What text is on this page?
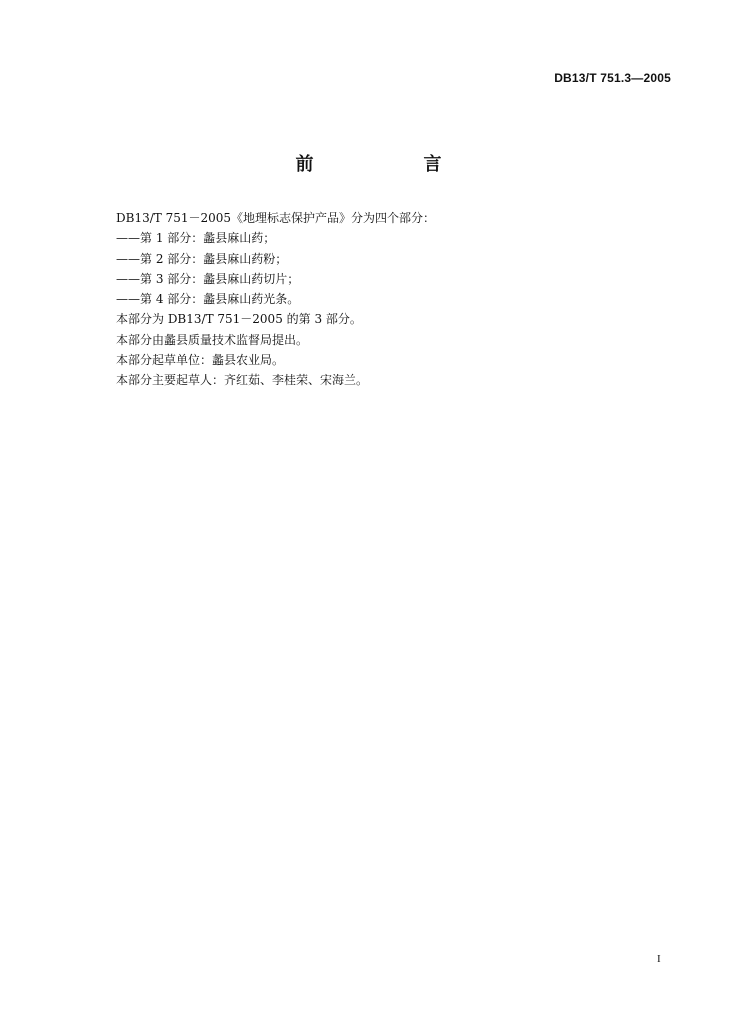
DB13/T 751.3—2005
前　言
DB13/T 751－2005《地理标志保护产品》分为四个部分：
——第 1 部分：蠡县麻山药；
——第 2 部分：蠡县麻山药粉；
——第 3 部分：蠡县麻山药切片；
——第 4 部分：蠡县麻山药光条。
本部分为 DB13/T 751－2005 的第 3 部分。
本部分由蠡县质量技术监督局提出。
本部分起草单位：蠡县农业局。
本部分主要起草人：齐红茹、李桂荣、宋海兰。
I
